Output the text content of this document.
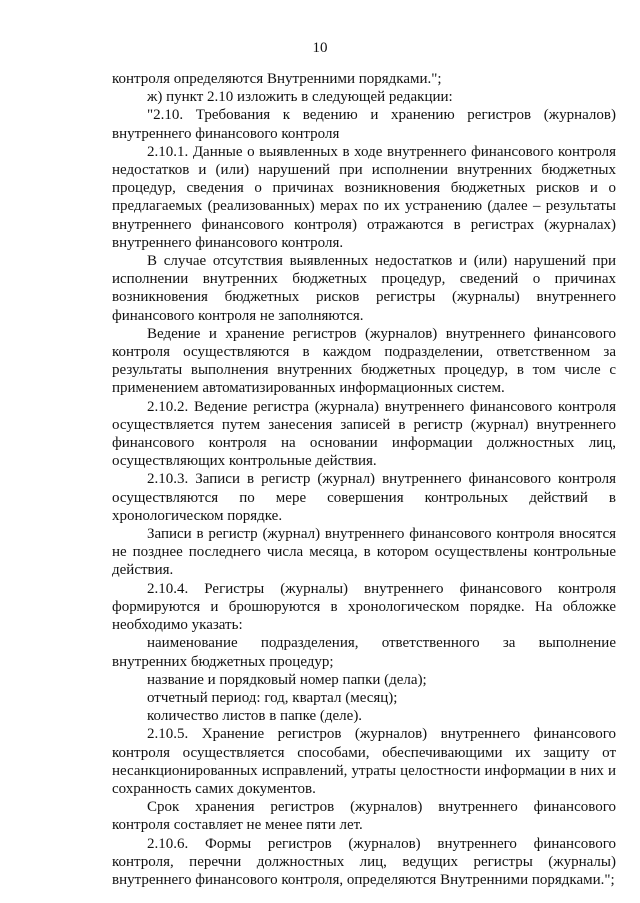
10

контроля определяются Внутренними порядками.";

ж) пункт 2.10 изложить в следующей редакции:

"2.10. Требования к ведению и хранению регистров (журналов) внутреннего финансового контроля

2.10.1. Данные о выявленных в ходе внутреннего финансового контроля недостатков и (или) нарушений при исполнении внутренних бюджетных процедур, сведения о причинах возникновения бюджетных рисков и о предлагаемых (реализованных) мерах по их устранению (далее – результаты внутреннего финансового контроля) отражаются в регистрах (журналах) внутреннего финансового контроля.

В случае отсутствия выявленных недостатков и (или) нарушений при исполнении внутренних бюджетных процедур, сведений о причинах возникновения бюджетных рисков регистры (журналы) внутреннего финансового контроля не заполняются.

Ведение и хранение регистров (журналов) внутреннего финансового контроля осуществляются в каждом подразделении, ответственном за результаты выполнения внутренних бюджетных процедур, в том числе с применением автоматизированных информационных систем.

2.10.2. Ведение регистра (журнала) внутреннего финансового контроля осуществляется путем занесения записей в регистр (журнал) внутреннего финансового контроля на основании информации должностных лиц, осуществляющих контрольные действия.

2.10.3. Записи в регистр (журнал) внутреннего финансового контроля осуществляются по мере совершения контрольных действий в хронологическом порядке.

Записи в регистр (журнал) внутреннего финансового контроля вносятся не позднее последнего числа месяца, в котором осуществлены контрольные действия.

2.10.4. Регистры (журналы) внутреннего финансового контроля формируются и брошюруются в хронологическом порядке. На обложке необходимо указать:

наименование подразделения, ответственного за выполнение внутренних бюджетных процедур;

название и порядковый номер папки (дела);

отчетный период: год, квартал (месяц);

количество листов в папке (деле).

2.10.5. Хранение регистров (журналов) внутреннего финансового контроля осуществляется способами, обеспечивающими их защиту от несанкционированных исправлений, утраты целостности информации в них и сохранность самих документов.

Срок хранения регистров (журналов) внутреннего финансового контроля составляет не менее пяти лет.

2.10.6. Формы регистров (журналов) внутреннего финансового контроля, перечни должностных лиц, ведущих регистры (журналы) внутреннего финансового контроля, определяются Внутренними порядками.";
